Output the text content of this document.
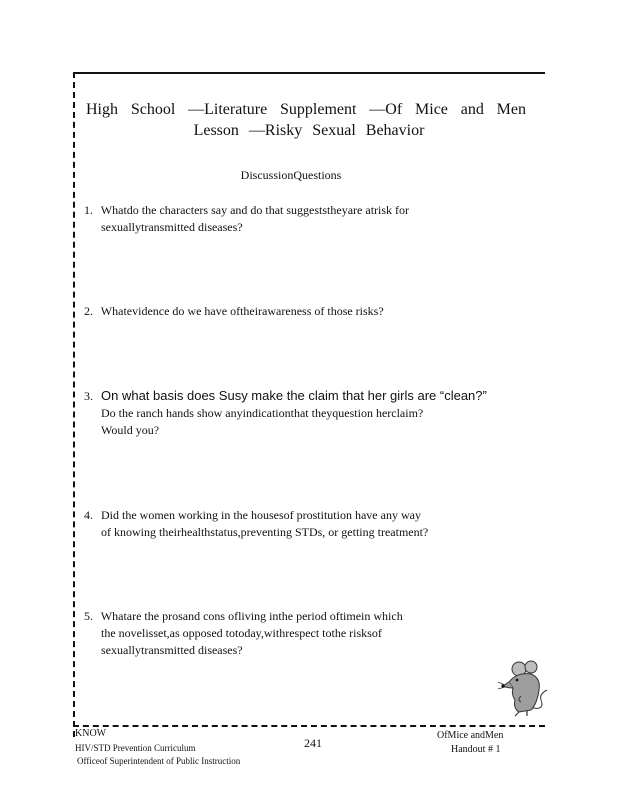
High School —Literature Supplement —Of Mice and Men
Lesson —Risky Sexual Behavior
DiscussionQuestions
1. Whatdo the characters say and do that suggeststheyare atrisk for
sexuallytransmitted diseases?
2. Whatevidence do we have oftheirawareness of those risks?
3. On what basis does Susy make the claim that her girls are “clean?”
Do the ranch hands show anyindicationthat theyquestion herclaim?
Would you?
4. Did the women working in the housesof prostitution have any way
of knowing theirhealthstatus,preventing STDs, or getting treatment?
5. Whatare the prosand cons ofliving inthe period oftimein which
the novelisset,as opposed totoday,withrespect tothe risksof
sexuallytransmitted diseases?
KNOW
HIV/STD Prevention Curriculum
Officeof Superintendent of Public Instruction
241
OfMice andMen
Handout # 1
